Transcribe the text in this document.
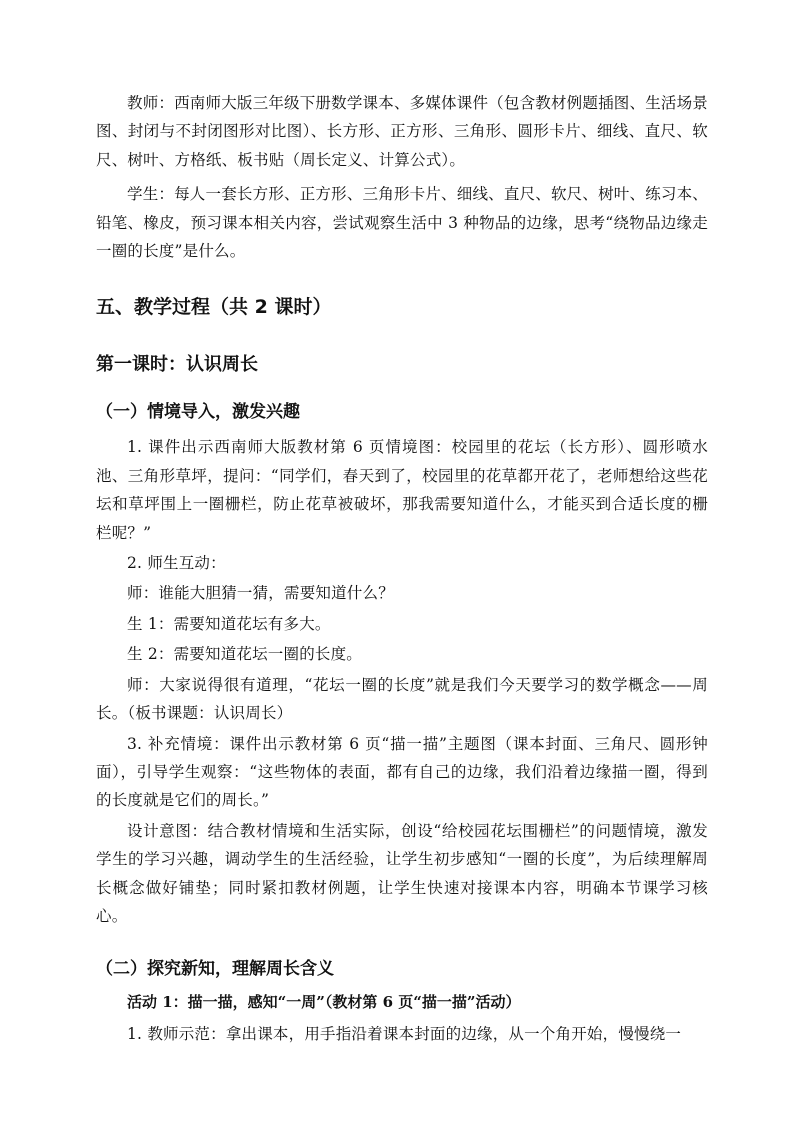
教师：西南师大版三年级下册数学课本、多媒体课件（包含教材例题插图、生活场景图、封闭与不封闭图形对比图）、长方形、正方形、三角形、圆形卡片、细线、直尺、软尺、树叶、方格纸、板书贴（周长定义、计算公式）。

学生：每人一套长方形、正方形、三角形卡片、细线、直尺、软尺、树叶、练习本、铅笔、橡皮，预习课本相关内容，尝试观察生活中 3 种物品的边缘，思考“绕物品边缘走一圈的长度”是什么。

五、教学过程（共 2 课时）
第一课时：认识周长
（一）情境导入，激发兴趣

1. 课件出示西南师大版教材第 6 页情境图：校园里的花坛（长方形）、圆形喷水池、三角形草坪，提问：“同学们，春天到了，校园里的花草都开花了，老师想给这些花坛和草坪围上一圈栅栏，防止花草被破坏，那我需要知道什么，才能买到合适长度的栅栏呢？”

2. 师生互动：

师：谁能大胆猜一猜，需要知道什么？

生 1：需要知道花坛有多大。

生 2：需要知道花坛一圈的长度。

师：大家说得很有道理，“花坛一圈的长度”就是我们今天要学习的数学概念——周长。（板书课题：认识周长）

3. 补充情境：课件出示教材第 6 页“描一描”主题图（课本封面、三角尺、圆形钟面），引导学生观察：“这些物体的表面，都有自己的边缘，我们沿着边缘描一圈，得到的长度就是它们的周长。”

设计意图：结合教材情境和生活实际，创设“给校园花坛围栅栏”的问题情境，激发学生的学习兴趣，调动学生的生活经验，让学生初步感知“一圈的长度”，为后续理解周长概念做好铺垫；同时紧扣教材例题，让学生快速对接课本内容，明确本节课学习核心。

（二）探究新知，理解周长含义

活动 1：描一描，感知“一周”（教材第 6 页“描一描”活动）

1. 教师示范：拿出课本，用手指沿着课本封面的边缘，从一个角开始，慢慢绕一
